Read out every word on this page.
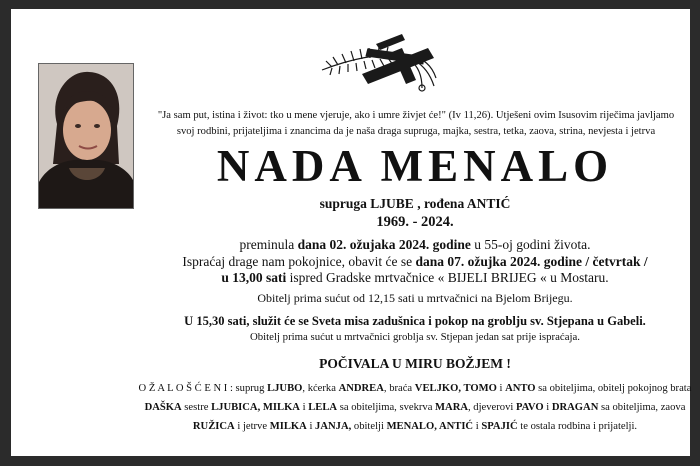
"Ja sam put, istina i život: tko u mene vjeruje, ako i umre živjet će!" (Iv 11,26). Utješeni ovim Isusovim riječima javljamo
svoj rodbini, prijateljima i znancima da je naša draga supruga, majka, sestra, tetka, zaova, strina, nevjesta i jetrva
NADA MENALO
supruga LJUBE , rođena ANTIĆ
1969. - 2024.
preminula dana 02. ožujaka 2024. godine u 55-oj godini života.
Ispraćaj drage nam pokojnice, obavit će se dana 07. ožujka 2024. godine / četvrtak /
u 13,00 sati ispred Gradske mrtvačnice « BIJELI BRIJEG « u Mostaru.
Obitelj prima sućut od 12,15 sati u mrtvačnici na Bjelom Brijegu.
U 15,30 sati, služit će se Sveta misa zadušnica i pokop na groblju sv. Stjepana u Gabeli.
Obitelj prima sućut u mrtvačnici groblja sv. Stjepan jedan sat prije ispraćaja.
POČIVALA U MIRU BOŽJEM !
O Ž A L O Š Ć E N I : suprug LJUBO, kćerka ANDREA, braća VELJKO, TOMO i ANTO sa obiteljima, obitelj pokojnog brata
DAŠKA sestre LJUBICA, MILKA i LELA sa obiteljima, svekrva MARA, djeverovi PAVO i DRAGAN sa obiteljima, zaova
RUŽICA i jetrve MILKA i JANJA, obitelji MENALO, ANTIĆ i SPAJIĆ te ostala rodbina i prijatelji.
